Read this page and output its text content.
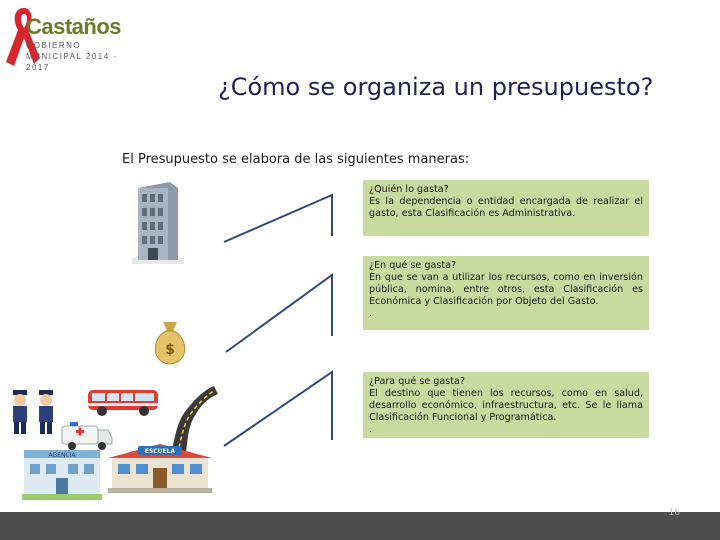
Castaños
GOBIERNO MUNICIPAL 2014 - 2017
¿Cómo se organiza un presupuesto?
El Presupuesto se elabora de las siguientes maneras:
$
AGENCIA
ESCUELA
¿Quién lo gasta?
Es la dependencia o entidad encargada de realizar el gasto, esta Clasificación es Administrativa.
¿En qué se gasta?
En que se van a utilizar los recursos, como en inversión pública, nomina, entre otros, esta Clasificación es Económica y Clasificación por Objeto del Gasto.
.
¿Para qué se gasta?
El destino que tienen los recursos, como en salud, desarrollo económico, infraestructura, etc. Se le llama Clasificación Funcional y Programática.
.
16
